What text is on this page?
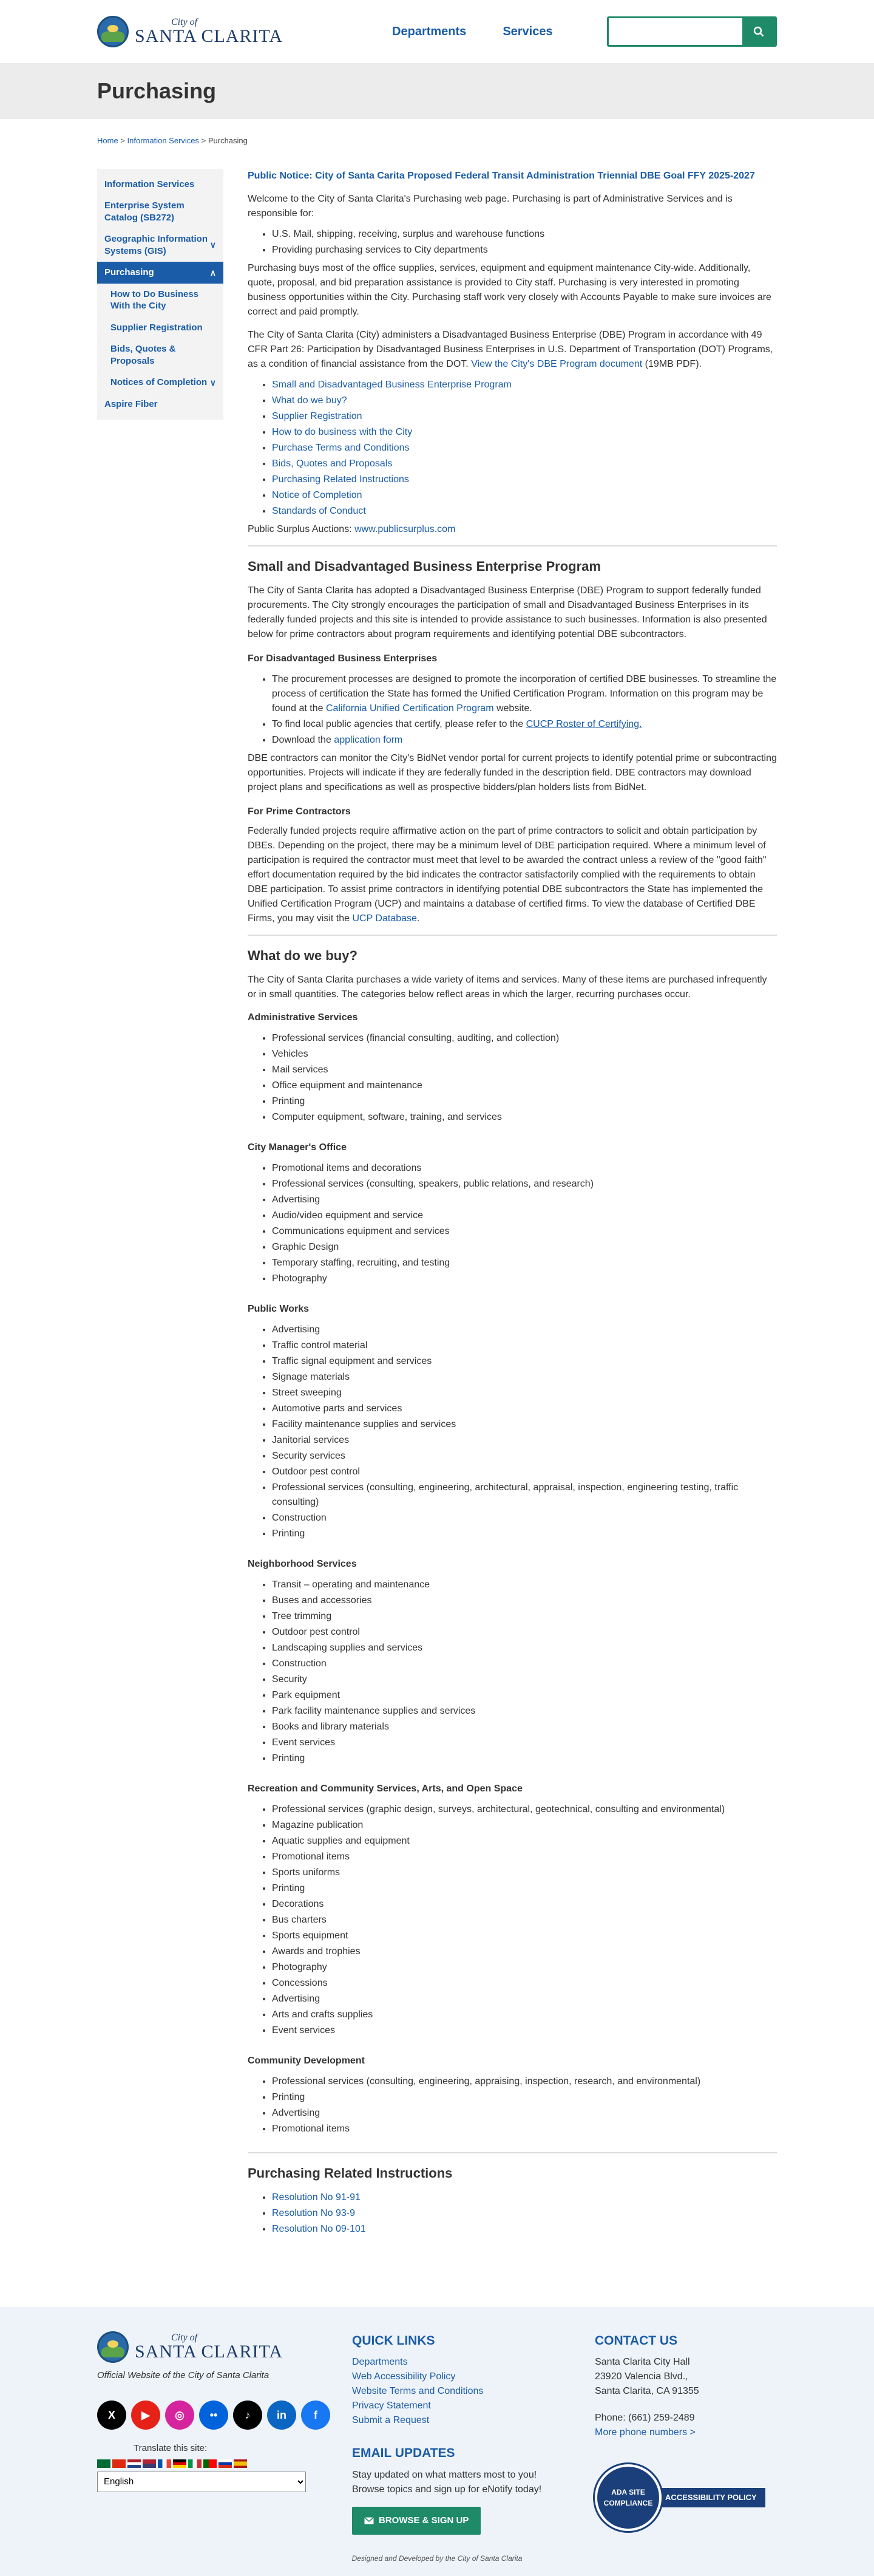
City of
SANTA CLARITA	Departments	Services
Purchasing
Home > Information Services > Purchasing
Information Services
Enterprise System Catalog (SB272)
Geographic Information Systems (GIS)
∨
Purchasing	∧
How to Do Business With the City
Supplier Registration
Bids, Quotes & Proposals
Notices of Completion ∨
Aspire Fiber
Public Notice: City of Santa Carita Proposed Federal Transit Administration Triennial DBE Goal FFY 2025-2027

Welcome to the City of Santa Clarita's Purchasing web page. Purchasing is part of Administrative Services and is responsible for:

• U.S. Mail, shipping, receiving, surplus and warehouse functions
• Providing purchasing services to City departments

Purchasing buys most of the office supplies, services, equipment and equipment maintenance City-wide. Additionally, quote, proposal, and bid preparation assistance is provided to City staff. Purchasing is very interested in promoting business opportunities within the City. Purchasing staff work very closely with Accounts Payable to make sure invoices are correct and paid promptly.

The City of Santa Clarita (City) administers a Disadvantaged Business Enterprise (DBE) Program in accordance with 49 CFR Part 26: Participation by Disadvantaged Business Enterprises in U.S. Department of Transportation (DOT) Programs, as a condition of financial assistance from the DOT. View the City's DBE Program document (19MB PDF).

• Small and Disadvantaged Business Enterprise Program
• What do we buy?
• Supplier Registration
• How to do business with the City
• Purchase Terms and Conditions
• Bids, Quotes and Proposals
• Purchasing Related Instructions
• Notice of Completion
• Standards of Conduct

Public Surplus Auctions: www.publicsurplus.com

Small and Disadvantaged Business Enterprise Program

The City of Santa Clarita has adopted a Disadvantaged Business Enterprise (DBE) Program to support federally funded procurements. The City strongly encourages the participation of small and Disadvantaged Business Enterprises in its federally funded projects and this site is intended to provide assistance to such businesses. Information is also presented below for prime contractors about program requirements and identifying potential DBE subcontractors.

For Disadvantaged Business Enterprises
• The procurement processes are designed to promote the incorporation of certified DBE businesses. To streamline the process of certification the State has formed the Unified Certification Program. Information on this program may be found at the California Unified Certification Program website.
• To find local public agencies that certify, please refer to the CUCP Roster of Certifying.
• Download the application form

DBE contractors can monitor the City's BidNet vendor portal for current projects to identify potential prime or subcontracting opportunities. Projects will indicate if they are federally funded in the description field. DBE contractors may download project plans and specifications as well as prospective bidders/plan holders lists from BidNet.

For Prime Contractors

Federally funded projects require affirmative action on the part of prime contractors to solicit and obtain participation by DBEs. Depending on the project, there may be a minimum level of DBE participation required. Where a minimum level of participation is required the contractor must meet that level to be awarded the contract unless a review of the "good faith" effort documentation required by the bid indicates the contractor satisfactorily complied with the requirements to obtain DBE participation. To assist prime contractors in identifying potential DBE subcontractors the State has implemented the Unified Certification Program (UCP) and maintains a database of certified firms. To view the database of Certified DBE Firms, you may visit the UCP Database.

What do we buy?

The City of Santa Clarita purchases a wide variety of items and services. Many of these items are purchased infrequently or in small quantities. The categories below reflect areas in which the larger, recurring purchases occur.

Administrative Services
• Professional services (financial consulting, auditing, and collection)
• Vehicles
• Mail services
• Office equipment and maintenance
• Printing
• Computer equipment, software, training, and services
City Manager's Office
• Promotional items and decorations
• Professional services (consulting, speakers, public relations, and research)
• Advertising
• Audio/video equipment and service
• Communications equipment and services
• Graphic Design
• Temporary staffing, recruiting, and testing
• Photography
Public Works
• Advertising
• Traffic control material
• Traffic signal equipment and services
• Signage materials
• Street sweeping
• Automotive parts and services
• Facility maintenance supplies and services
• Janitorial services
• Security services
• Outdoor pest control
• Professional services (consulting, engineering, architectural, appraisal, inspection, engineering testing, traffic consulting)
• Construction
• Printing
Neighborhood Services
• Transit – operating and maintenance
• Buses and accessories
• Tree trimming
• Outdoor pest control
• Landscaping supplies and services
• Construction
• Security
• Park equipment
• Park facility maintenance supplies and services
• Books and library materials
• Event services
• Printing
Recreation and Community Services, Arts, and Open Space
• Professional services (graphic design, surveys, architectural, geotechnical, consulting and environmental)
• Magazine publication
• Aquatic supplies and equipment
• Promotional items
• Sports uniforms
• Printing
• Decorations
• Bus charters
• Sports equipment
• Awards and trophies
• Photography
• Concessions
• Advertising
• Arts and crafts supplies
• Event services
Community Development
• Professional services (consulting, engineering, appraising, inspection, research, and environmental)
• Printing
• Advertising
• Promotional items
Purchasing Related Instructions
• Resolution No 91-91
• Resolution No 93-9
• Resolution No 09-101
City of
SANTA CLARITA
Official Website of the City of Santa Clarita
X	▶	◎	••	♪	in	f
Translate this site:
English
QUICK LINKS
Departments
Web Accessibility Policy
Website Terms and Conditions
Privacy Statement
Submit a Request
EMAIL UPDATES
Stay updated on what matters most to you! Browse topics and sign up for eNotify today!
BROWSE & SIGN UP
CONTACT US
Santa Clarita City Hall
23920 Valencia Blvd.,
Santa Clarita, CA 91355
Phone: (661) 259-2489
More phone numbers >
ADA SITE COMPLIANCE
ACCESSIBILITY POLICY
Designed and Developed by the City of Santa Clarita
